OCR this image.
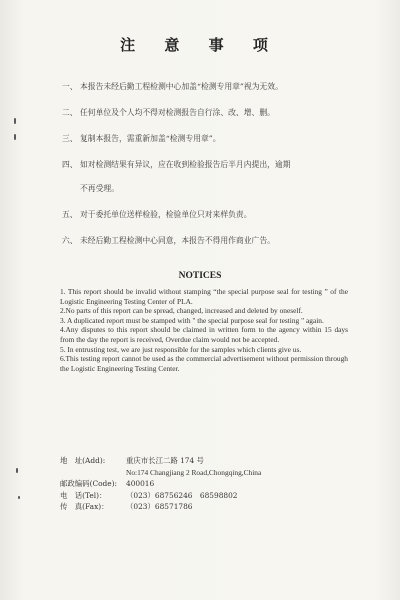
注 意 事 项
一、 本报告未经后勤工程检测中心加盖“检测专用章”视为无效。
二、 任何单位及个人均不得对检测报告自行涂、改、增、删。
三、 复制本报告，需重新加盖“检测专用章”。
四、 如对检测结果有异议，应在收到检验报告后半月内提出，逾期
不再受理。
五、 对于委托单位送样检验，检验单位只对来样负责。
六、 未经后勤工程检测中心同意，本报告不得用作商业广告。
NOTICES

1. This report should be invalid without stamping “the special purpose seal for testing ” of the Logistic Engineering Testing Center of PLA.

2.No parts of this report can be spread, changed, increased and deleted by oneself.

3. A duplicated report must be stamped with " the special purpose seal for testing " again.

4.Any disputes to this report should be claimed in written form to the agency within 15 days from the day the report is received, Overdue claim would not be accepted.

5. In entrusting test, we are just responsible for the samples which clients give us.

6.This testing report cannot be used as the commercial advertisement without permission through the Logistic Engineering Testing Center.

地　址(Add):	重庆市长江二路 174 号
No:174 Changjiang 2 Road,Chongqing,China
邮政编码(Code):	400016
电　话(Tel)：	（023）68756246　68598802
传　真(Fax)：	（023）68571786
